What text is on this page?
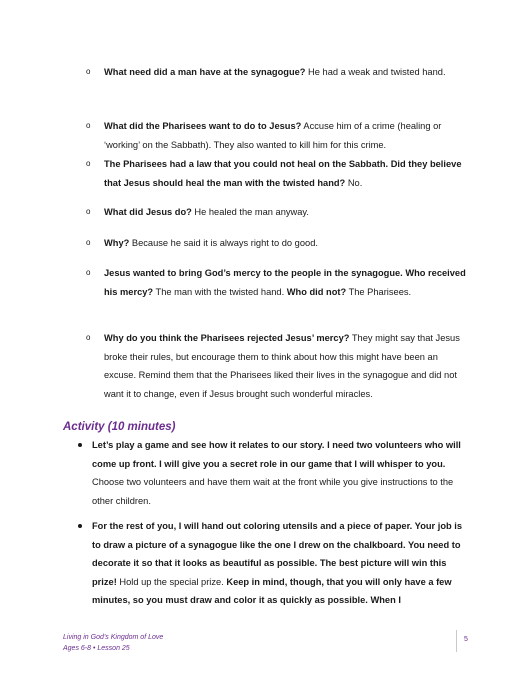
o	What need did a man have at the synagogue? He had a weak and twisted hand.
o	What did the Pharisees want to do to Jesus? Accuse him of a crime (healing or ‘working’ on the Sabbath). They also wanted to kill him for this crime.
o	The Pharisees had a law that you could not heal on the Sabbath. Did they believe that Jesus should heal the man with the twisted hand? No.
o	What did Jesus do? He healed the man anyway.
o	Why? Because he said it is always right to do good.
o	Jesus wanted to bring God’s mercy to the people in the synagogue. Who received his mercy? The man with the twisted hand. Who did not? The Pharisees.
o	Why do you think the Pharisees rejected Jesus’ mercy? They might say that Jesus broke their rules, but encourage them to think about how this might have been an excuse. Remind them that the Pharisees liked their lives in the synagogue and did not want it to change, even if Jesus brought such wonderful miracles.
Activity (10 minutes)
Let’s play a game and see how it relates to our story. I need two volunteers who will come up front. I will give you a secret role in our game that I will whisper to you. Choose two volunteers and have them wait at the front while you give instructions to the other children.
For the rest of you, I will hand out coloring utensils and a piece of paper. Your job is to draw a picture of a synagogue like the one I drew on the chalkboard. You need to decorate it so that it looks as beautiful as possible. The best picture will win this prize! Hold up the special prize. Keep in mind, though, that you will only have a few minutes, so you must draw and color it as quickly as possible. When I
Living in God’s Kingdom of Love
Ages 6-8 • Lesson 25
5
